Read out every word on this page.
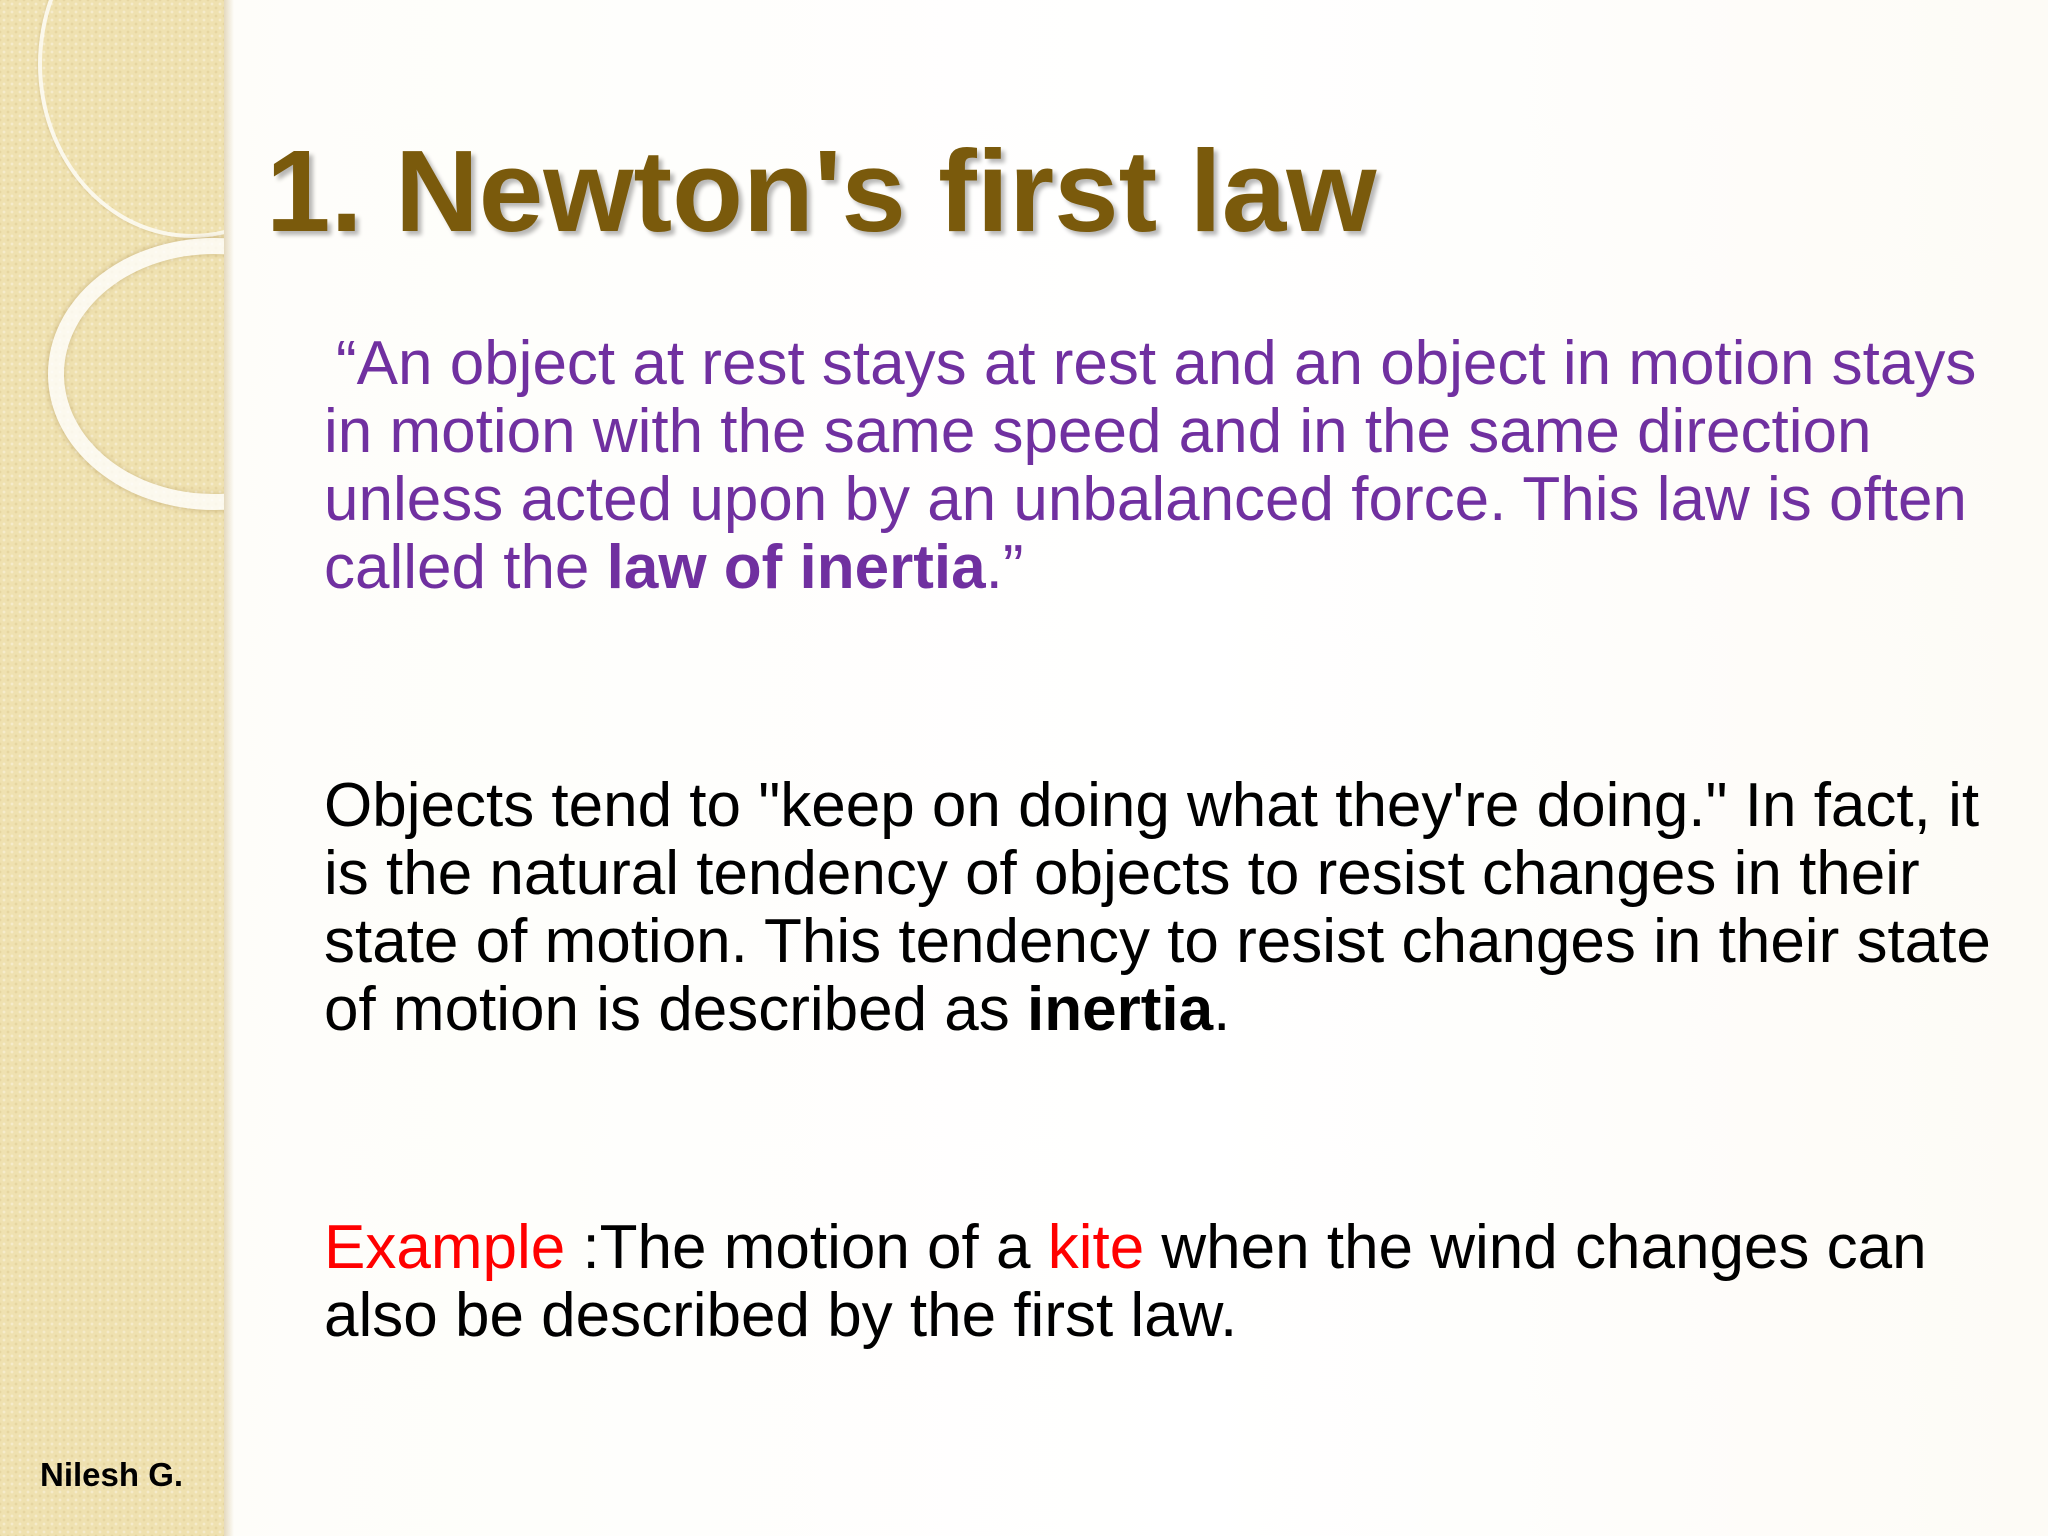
1. Newton's first law

“An object at rest stays at rest and an object in motion stays in motion with the same speed and in the same direction unless acted upon by an unbalanced force. This law is often called the law of inertia.”

Objects tend to "keep on doing what they're doing." In fact, it is the natural tendency of objects to resist changes in their state of motion. This tendency to resist changes in their state of motion is described as inertia.

Example :The motion of a kite when the wind changes can also be described by the first law.

Nilesh G.
